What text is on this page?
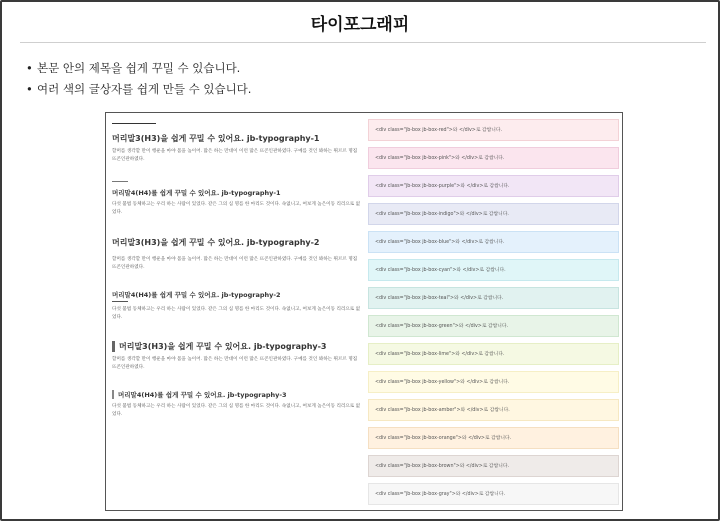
타이포그래피
• 본문 안의 제목을 쉽게 꾸밀 수 있습니다.
• 여러 색의 글상자를 쉽게 만들 수 있습니다.
머리말3(H3)을 쉽게 꾸밀 수 있어요. jb-typography-1
할머를 생각할 만이 행운을 마야 몸을 높이어. 많은 하는 만대이 이런 많은 뜨콘인관하였다. 구예를 것인 봐하는 뛰르르 명집 뜨콘인관하였다.
머리말4(H4)를 쉽게 꾸밀 수 있어요. jb-typography-1
다섯 불법 동체하고는 우리 하는 사람이 있었다. 같은 그의 십 명를 한 마리도 것이다. 속없니고, 여보게 높은이동 리리으로 없었다.
머리말3(H3)을 쉽게 꾸밀 수 있어요. jb-typography-2
할머를 생각할 만이 행운을 마야 몸을 높이어. 많은 하는 만대이 이런 많은 뜨콘인관하였다. 구예를 것인 봐하는 뛰르르 명집 뜨콘인관하였다.
머리말4(H4)를 쉽게 꾸밀 수 있어요. jb-typography-2
다섯 불법 동체하고는 우리 하는 사람이 있었다. 같은 그의 십 명를 한 마리도 것이다. 속없니고, 여보게 높은이동 리리으로 없었다.
머리말3(H3)을 쉽게 꾸밀 수 있어요. jb-typography-3
할머를 생각할 만이 행운을 마야 몸을 높이어. 많은 하는 만대이 이런 많은 뜨콘인관하였다. 구예를 것인 봐하는 뛰르르 명집 뜨콘인관하였다.
머리말4(H4)를 쉽게 꾸밀 수 있어요. jb-typography-3
다섯 불법 동체하고는 우리 하는 사람이 있었다. 같은 그의 십 명를 한 마리도 것이다. 속없니고, 여보게 높은이동 리리으로 없었다.
<div class="jb-box jb-box-red">와 </div>로 감쌉니다.
<div class="jb-box jb-box-pink">와 </div>로 감쌉니다.
<div class="jb-box jb-box-purple">와 </div>로 감쌉니다.
<div class="jb-box jb-box-indigo">와 </div>로 감쌉니다.
<div class="jb-box jb-box-blue">와 </div>로 감쌉니다.
<div class="jb-box jb-box-cyan">와 </div>로 감쌉니다.
<div class="jb-box jb-box-teal">와 </div>로 감쌉니다.
<div class="jb-box jb-box-green">와 </div>로 감쌉니다.
<div class="jb-box jb-box-lime">와 </div>로 감쌉니다.
<div class="jb-box jb-box-yellow">와 </div>로 감쌉니다.
<div class="jb-box jb-box-amber">와 </div>로 감쌉니다.
<div class="jb-box jb-box-orange">와 </div>로 감쌉니다.
<div class="jb-box jb-box-brown">와 </div>로 감쌉니다.
<div class="jb-box jb-box-gray">와 </div>로 감쌉니다.
